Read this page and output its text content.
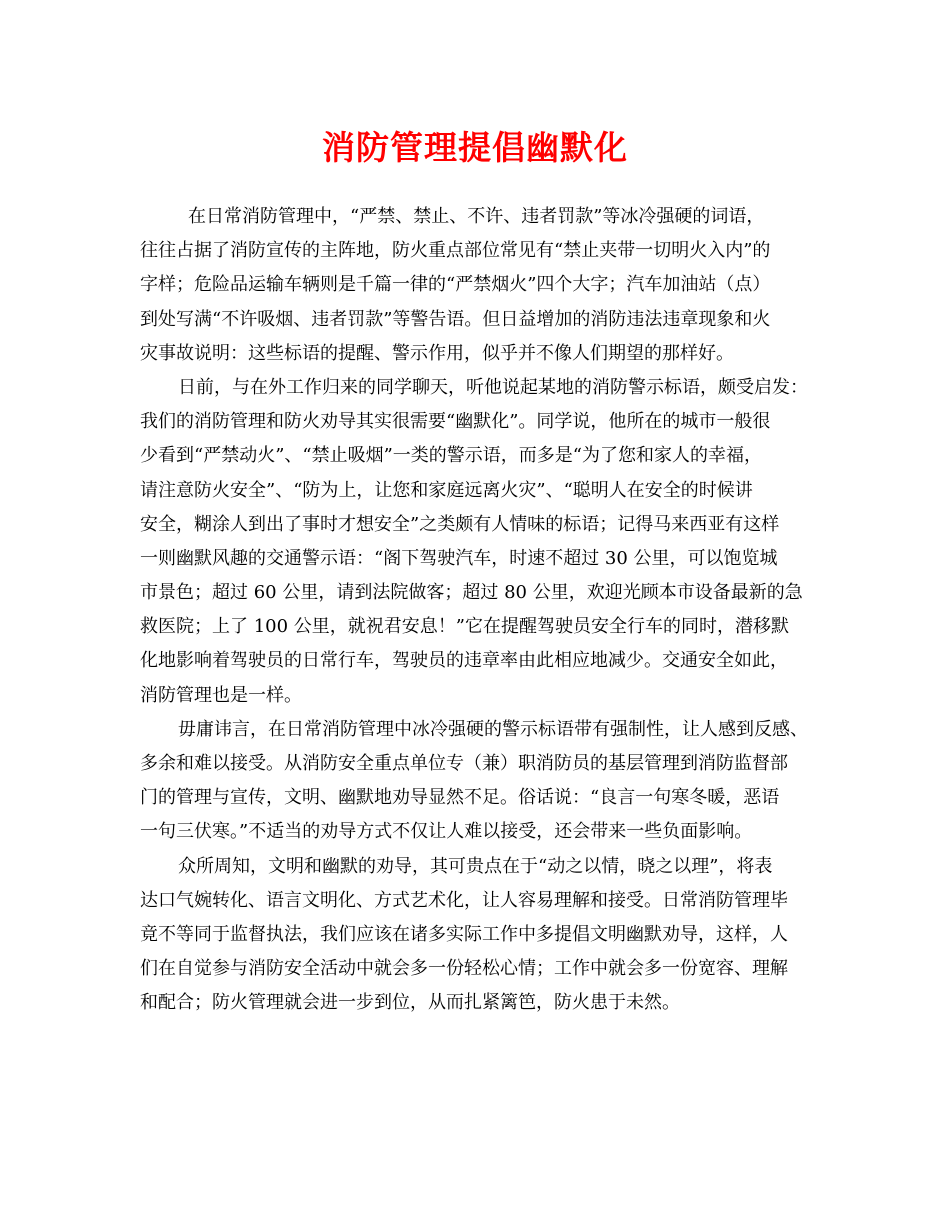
消防管理提倡幽默化
在日常消防管理中，“严禁、禁止、不许、违者罚款”等冰冷强硬的词语，
往往占据了消防宣传的主阵地，防火重点部位常见有“禁止夹带一切明火入内”的
字样；危险品运输车辆则是千篇一律的“严禁烟火”四个大字；汽车加油站（点）
到处写满“不许吸烟、违者罚款”等警告语。但日益增加的消防违法违章现象和火
灾事故说明：这些标语的提醒、警示作用，似乎并不像人们期望的那样好。
日前，与在外工作归来的同学聊天，听他说起某地的消防警示标语，颇受启发：
我们的消防管理和防火劝导其实很需要“幽默化”。同学说，他所在的城市一般很
少看到“严禁动火”、“禁止吸烟”一类的警示语，而多是“为了您和家人的幸福，
请注意防火安全”、“防为上，让您和家庭远离火灾”、“聪明人在安全的时候讲
安全，糊涂人到出了事时才想安全”之类颇有人情味的标语；记得马来西亚有这样
一则幽默风趣的交通警示语：“阁下驾驶汽车，时速不超过 30 公里，可以饱览城
市景色；超过 60 公里，请到法院做客；超过 80 公里，欢迎光顾本市设备最新的急
救医院；上了 100 公里，就祝君安息！”它在提醒驾驶员安全行车的同时，潜移默
化地影响着驾驶员的日常行车，驾驶员的违章率由此相应地减少。交通安全如此，
消防管理也是一样。
毋庸讳言，在日常消防管理中冰冷强硬的警示标语带有强制性，让人感到反感、
多余和难以接受。从消防安全重点单位专（兼）职消防员的基层管理到消防监督部
门的管理与宣传，文明、幽默地劝导显然不足。俗话说：“良言一句寒冬暖，恶语
一句三伏寒。”不适当的劝导方式不仅让人难以接受，还会带来一些负面影响。
众所周知，文明和幽默的劝导，其可贵点在于“动之以情，晓之以理”，将表
达口气婉转化、语言文明化、方式艺术化，让人容易理解和接受。日常消防管理毕
竟不等同于监督执法，我们应该在诸多实际工作中多提倡文明幽默劝导，这样，人
们在自觉参与消防安全活动中就会多一份轻松心情；工作中就会多一份宽容、理解
和配合；防火管理就会进一步到位，从而扎紧篱笆，防火患于未然。
